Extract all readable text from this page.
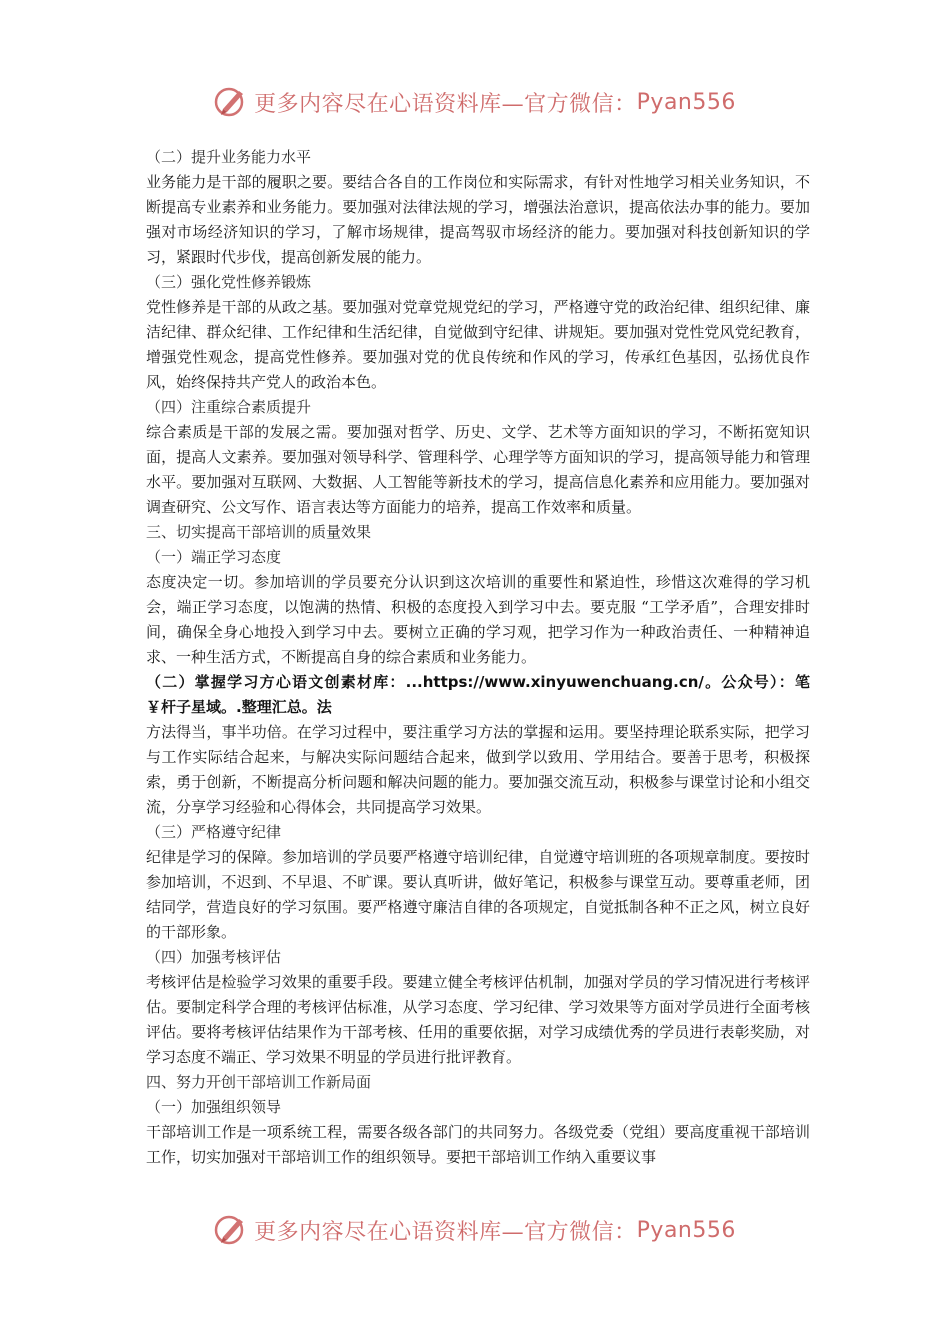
更多内容尽在心语资料库—官方微信： Pyan556

（二）提升业务能力水平

业务能力是干部的履职之要。要结合各自的工作岗位和实际需求，有针对性地学习相关业务知识，不断提高专业素养和业务能力。要加强对法律法规的学习，增强法治意识，提高依法办事的能力。要加强对市场经济知识的学习，了解市场规律，提高驾驭市场经济的能力。要加强对科技创新知识的学习，紧跟时代步伐，提高创新发展的能力。

（三）强化党性修养锻炼

党性修养是干部的从政之基。要加强对党章党规党纪的学习，严格遵守党的政治纪律、组织纪律、廉洁纪律、群众纪律、工作纪律和生活纪律，自觉做到守纪律、讲规矩。要加强对党性党风党纪教育，增强党性观念，提高党性修养。要加强对党的优良传统和作风的学习，传承红色基因，弘扬优良作风，始终保持共产党人的政治本色。

（四）注重综合素质提升

综合素质是干部的发展之需。要加强对哲学、历史、文学、艺术等方面知识的学习，不断拓宽知识面，提高人文素养。要加强对领导科学、管理科学、心理学等方面知识的学习，提高领导能力和管理水平。要加强对互联网、大数据、人工智能等新技术的学习，提高信息化素养和应用能力。要加强对调查研究、公文写作、语言表达等方面能力的培养，提高工作效率和质量。

三、切实提高干部培训的质量效果

（一）端正学习态度

态度决定一切。参加培训的学员要充分认识到这次培训的重要性和紧迫性，珍惜这次难得的学习机会，端正学习态度，以饱满的热情、积极的态度投入到学习中去。要克服 “工学矛盾”，合理安排时间，确保全身心地投入到学习中去。要树立正确的学习观，把学习作为一种政治责任、一种精神追求、一种生活方式，不断提高自身的综合素质和业务能力。

（二）掌握学习方心语文创素材库：...https://www.xinyuwenchuang.cn/。公众号）：笔￥杆子星域。.整理汇总。法

方法得当，事半功倍。在学习过程中，要注重学习方法的掌握和运用。要坚持理论联系实际，把学习与工作实际结合起来，与解决实际问题结合起来，做到学以致用、学用结合。要善于思考，积极探索，勇于创新，不断提高分析问题和解决问题的能力。要加强交流互动，积极参与课堂讨论和小组交流，分享学习经验和心得体会，共同提高学习效果。

（三）严格遵守纪律

纪律是学习的保障。参加培训的学员要严格遵守培训纪律，自觉遵守培训班的各项规章制度。要按时参加培训，不迟到、不早退、不旷课。要认真听讲，做好笔记，积极参与课堂互动。要尊重老师，团结同学，营造良好的学习氛围。要严格遵守廉洁自律的各项规定，自觉抵制各种不正之风，树立良好的干部形象。

（四）加强考核评估

考核评估是检验学习效果的重要手段。要建立健全考核评估机制，加强对学员的学习情况进行考核评估。要制定科学合理的考核评估标准，从学习态度、学习纪律、学习效果等方面对学员进行全面考核评估。要将考核评估结果作为干部考核、任用的重要依据，对学习成绩优秀的学员进行表彰奖励，对学习态度不端正、学习效果不明显的学员进行批评教育。

四、努力开创干部培训工作新局面

（一）加强组织领导

干部培训工作是一项系统工程，需要各级各部门的共同努力。各级党委（党组）要高度重视干部培训工作，切实加强对干部培训工作的组织领导。要把干部培训工作纳入重要议事

更多内容尽在心语资料库—官方微信： Pyan556
